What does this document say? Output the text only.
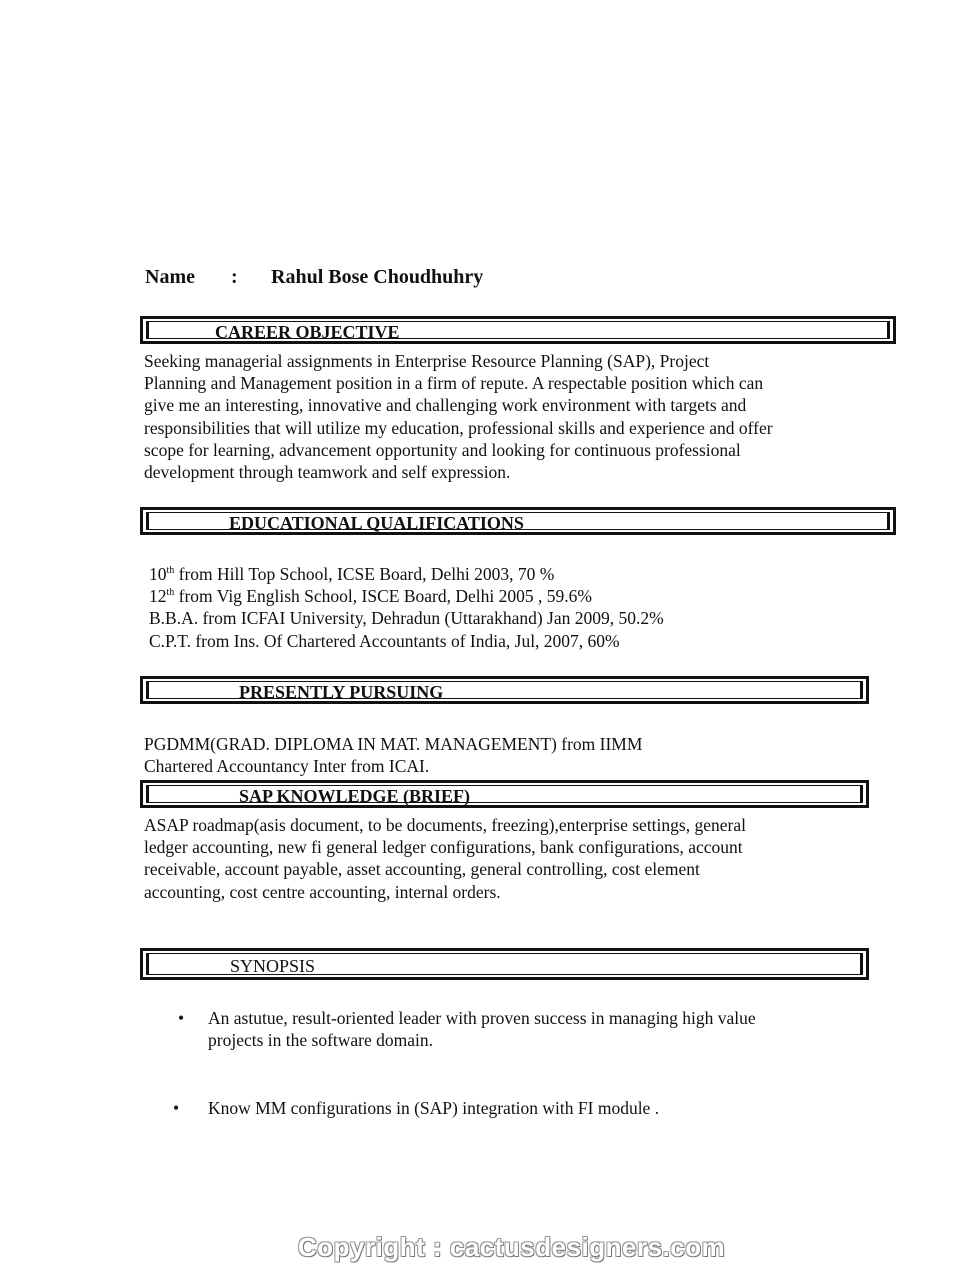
Name : Rahul Bose Choudhuhry
CAREER OBJECTIVE
Seeking managerial assignments in Enterprise Resource Planning (SAP), Project
Planning and Management position in a firm of repute. A respectable position which can
give me an interesting, innovative and challenging work environment with targets and
responsibilities that will utilize my education, professional skills and experience and offer
scope for learning, advancement opportunity and looking for continuous professional
development through teamwork and self expression.
EDUCATIONAL QUALIFICATIONS
10th from Hill Top School, ICSE Board, Delhi 2003, 70 %
12th from Vig English School, ISCE Board, Delhi 2005 , 59.6%
B.B.A. from ICFAI University, Dehradun (Uttarakhand) Jan 2009, 50.2%
C.P.T. from Ins. Of Chartered Accountants of India, Jul, 2007, 60%
PRESENTLY PURSUING
PGDMM(GRAD. DIPLOMA IN MAT. MANAGEMENT) from IIMM
Chartered Accountancy Inter from ICAI.
SAP KNOWLEDGE (BRIEF)
ASAP roadmap(asis document, to be documents, freezing),enterprise settings, general
ledger accounting, new fi general ledger configurations, bank configurations, account
receivable, account payable, asset accounting, general controlling, cost element
accounting, cost centre accounting, internal orders.
SYNOPSIS
• An astutue, result-oriented leader with proven success in managing high value
projects in the software domain.
• Know MM configurations in (SAP) integration with FI module .
Copyright : cactusdesigners.com
